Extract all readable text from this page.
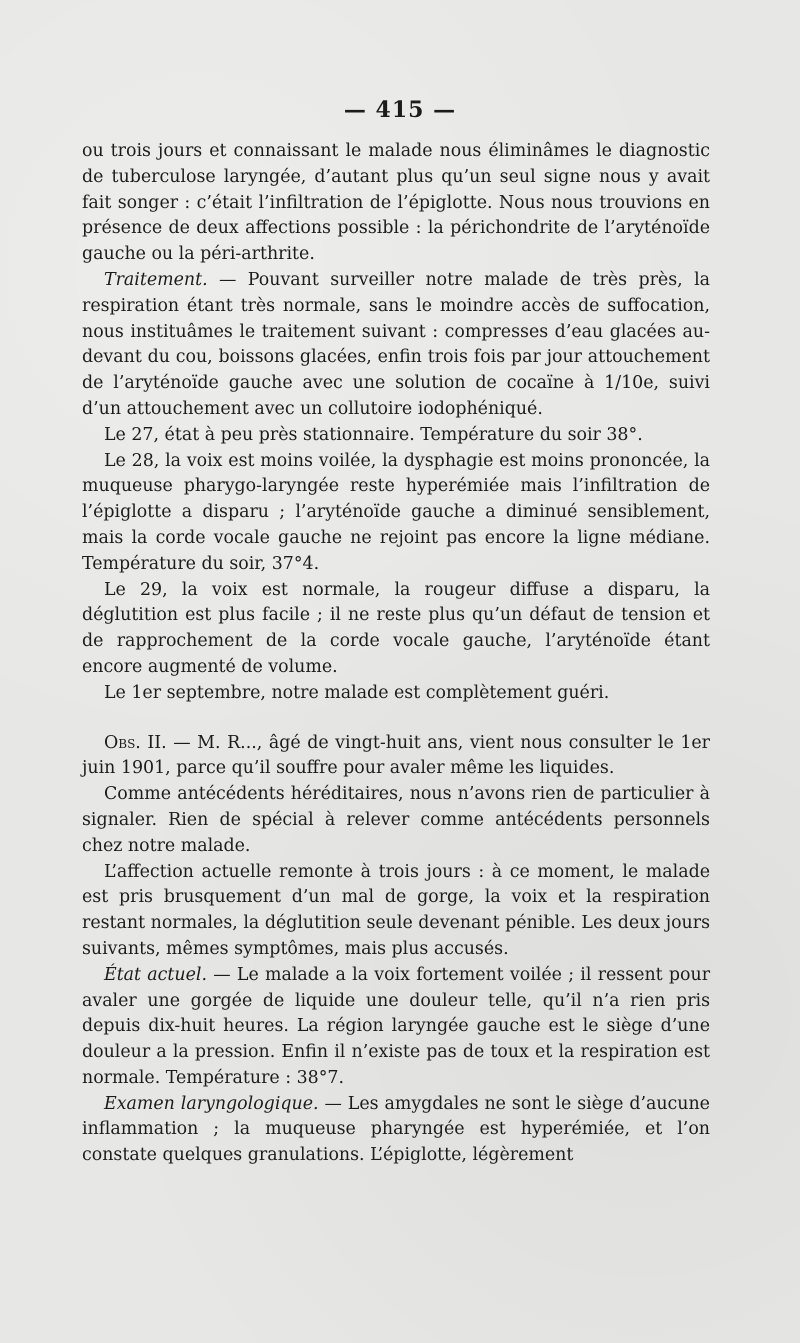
— 415 —

ou trois jours et connaissant le malade nous éliminâmes le diagnostic de tuberculose laryngée, d’autant plus qu’un seul signe nous y avait fait songer : c’était l’infiltration de l’épiglotte. Nous nous trouvions en présence de deux affections possible : la périchondrite de l’aryténoïde gauche ou la péri-arthrite.

Traitement. — Pouvant surveiller notre malade de très près, la respiration étant très normale, sans le moindre accès de suffocation, nous instituâmes le traitement suivant : compresses d’eau glacées au-devant du cou, boissons glacées, enfin trois fois par jour attouchement de l’aryténoïde gauche avec une solution de cocaïne à 1/10e, suivi d’un attouchement avec un collutoire iodophéniqué.

Le 27, état à peu près stationnaire. Température du soir 38°.

Le 28, la voix est moins voilée, la dysphagie est moins prononcée, la muqueuse pharygo-laryngée reste hyperémiée mais l’infiltration de l’épiglotte a disparu ; l’aryténoïde gauche a diminué sensiblement, mais la corde vocale gauche ne rejoint pas encore la ligne médiane. Température du soir, 37°4.

Le 29, la voix est normale, la rougeur diffuse a disparu, la déglutition est plus facile ; il ne reste plus qu’un défaut de tension et de rapprochement de la corde vocale gauche, l’aryténoïde étant encore augmenté de volume.

Le 1er septembre, notre malade est complètement guéri.

Obs. II. — M. R..., âgé de vingt-huit ans, vient nous consulter le 1er juin 1901, parce qu’il souffre pour avaler même les liquides.

Comme antécédents héréditaires, nous n’avons rien de particulier à signaler. Rien de spécial à relever comme antécédents personnels chez notre malade.

L’affection actuelle remonte à trois jours : à ce moment, le malade est pris brusquement d’un mal de gorge, la voix et la respiration restant normales, la déglutition seule devenant pénible. Les deux jours suivants, mêmes symptômes, mais plus accusés.

État actuel. — Le malade a la voix fortement voilée ; il ressent pour avaler une gorgée de liquide une douleur telle, qu’il n’a rien pris depuis dix-huit heures. La région laryngée gauche est le siège d’une douleur a la pression. Enfin il n’existe pas de toux et la respiration est normale. Température : 38°7.

Examen laryngologique. — Les amygdales ne sont le siège d’aucune inflammation ; la muqueuse pharyngée est hyperémiée, et l’on constate quelques granulations. L’épiglotte, légèrement
